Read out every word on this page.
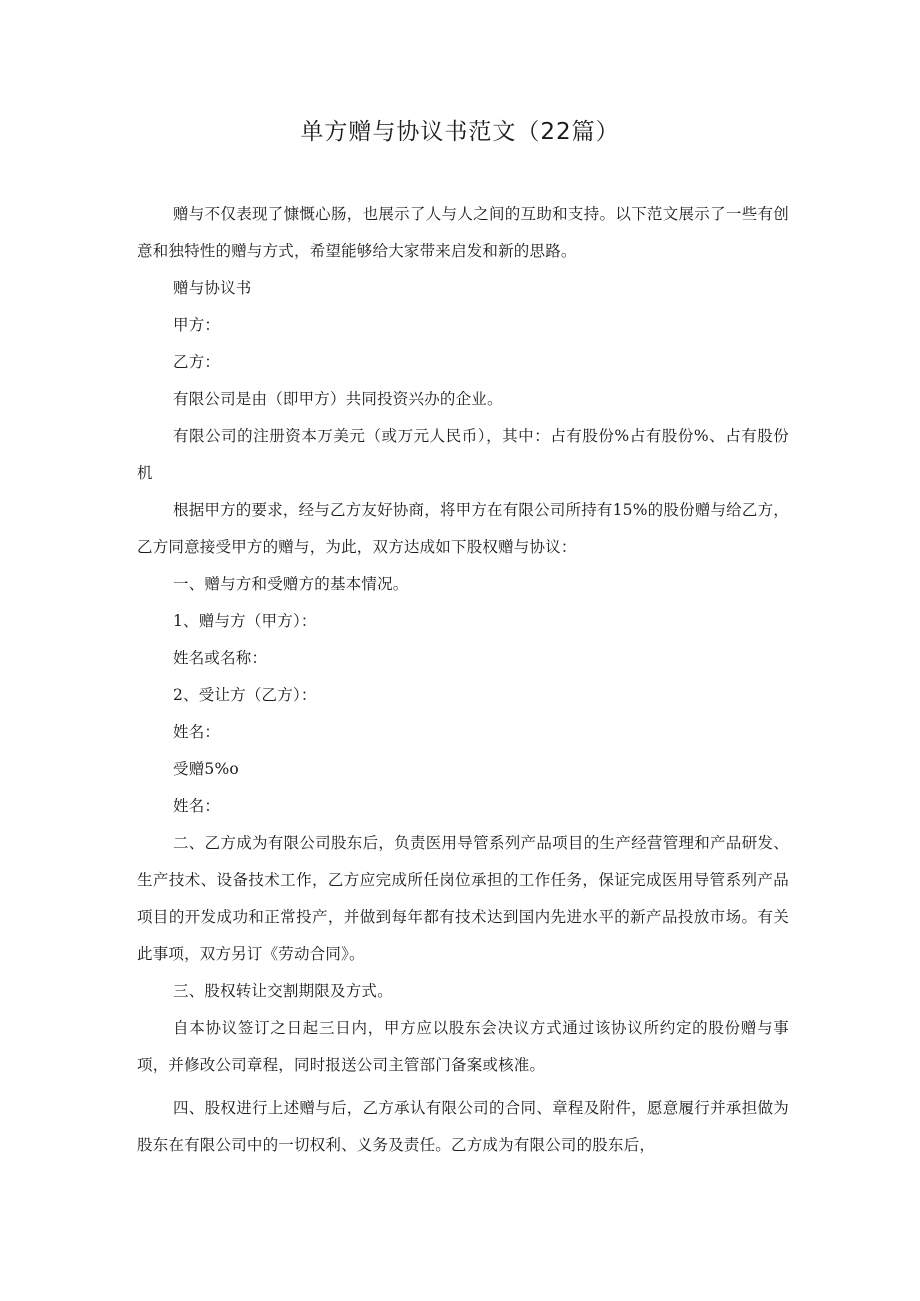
单方赠与协议书范文（22篇）

赠与不仅表现了慷慨心肠，也展示了人与人之间的互助和支持。以下范文展示了一些有创意和独特性的赠与方式，希望能够给大家带来启发和新的思路。

赠与协议书

甲方：

乙方：

有限公司是由（即甲方）共同投资兴办的企业。

有限公司的注册资本万美元（或万元人民币），其中：占有股份%占有股份%、占有股份机

根据甲方的要求，经与乙方友好协商，将甲方在有限公司所持有15%的股份赠与给乙方，乙方同意接受甲方的赠与，为此，双方达成如下股权赠与协议：

一、赠与方和受赠方的基本情况。

1、赠与方（甲方）：

姓名或名称：

2、受让方（乙方）：

姓名：

受赠5%o

姓名：

二、乙方成为有限公司股东后，负责医用导管系列产品项目的生产经营管理和产品研发、生产技术、设备技术工作，乙方应完成所任岗位承担的工作任务，保证完成医用导管系列产品项目的开发成功和正常投产，并做到每年都有技术达到国内先进水平的新产品投放市场。有关此事项，双方另订《劳动合同》。

三、股权转让交割期限及方式。

自本协议签订之日起三日内，甲方应以股东会决议方式通过该协议所约定的股份赠与事项，并修改公司章程，同时报送公司主管部门备案或核准。

四、股权进行上述赠与后，乙方承认有限公司的合同、章程及附件，愿意履行并承担做为股东在有限公司中的一切权利、义务及责任。乙方成为有限公司的股东后，
